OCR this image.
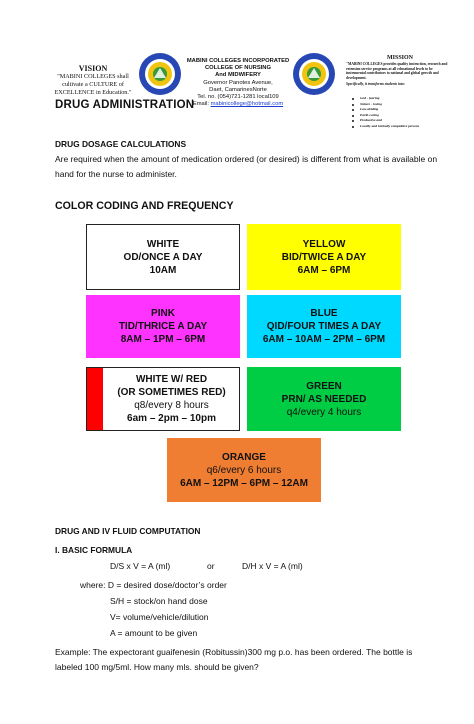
VISION
"MABINI COLLEGES shall
cultivate a CULTURE of
EXCELLENCE in Education."
MABINI COLLEGES INCORPORATED
COLLEGE OF NURSING
And MIDWIFERY
Governor Panotes Avenue,
Daet, CamarinesNorte
Tel. no. (054)721-1281 local109
Email: mabinicollege@hotmail.com
MISSION
"MABINI COLLEGES provides quality instruction, research and extension service programs at all educational levels to be instrumental contributors to national and global growth and development.
Specifically, it transforms students into:
God - fearing
Nature - loving
Law-abiding
Earth-caring
Productive and
Locally and Globally competitive persons
DRUG ADMINISTRATION
DRUG DOSAGE CALCULATIONS
Are required when the amount of medication ordered (or desired) is different from what is available on
hand for the nurse to administer.
COLOR CODING AND FREQUENCY
WHITE
OD/ONCE A DAY
10AM
YELLOW
BID/TWICE A DAY
6AM – 6PM
PINK
TID/THRICE A DAY
8AM – 1PM – 6PM
BLUE
QID/FOUR TIMES A DAY
6AM – 10AM – 2PM – 6PM
WHITE W/ RED
(OR SOMETIMES RED)
q8/every 8 hours
6am – 2pm – 10pm
GREEN
PRN/ AS NEEDED
q4/every 4 hours
ORANGE
q6/every 6 hours
6AM – 12PM – 6PM – 12AM
DRUG AND IV FLUID COMPUTATION
I. BASIC FORMULA
D/S x V = A (ml)	or	D/H x V = A (ml)
where: D = desired dose/doctor’s order
S/H = stock/on hand dose
V= volume/vehicle/dilution
A = amount to be given

Example: The expectorant guaifenesin (Robitussin)300 mg p.o. has been ordered. The bottle is
labeled 100 mg/5ml. How many mls. should be given?
